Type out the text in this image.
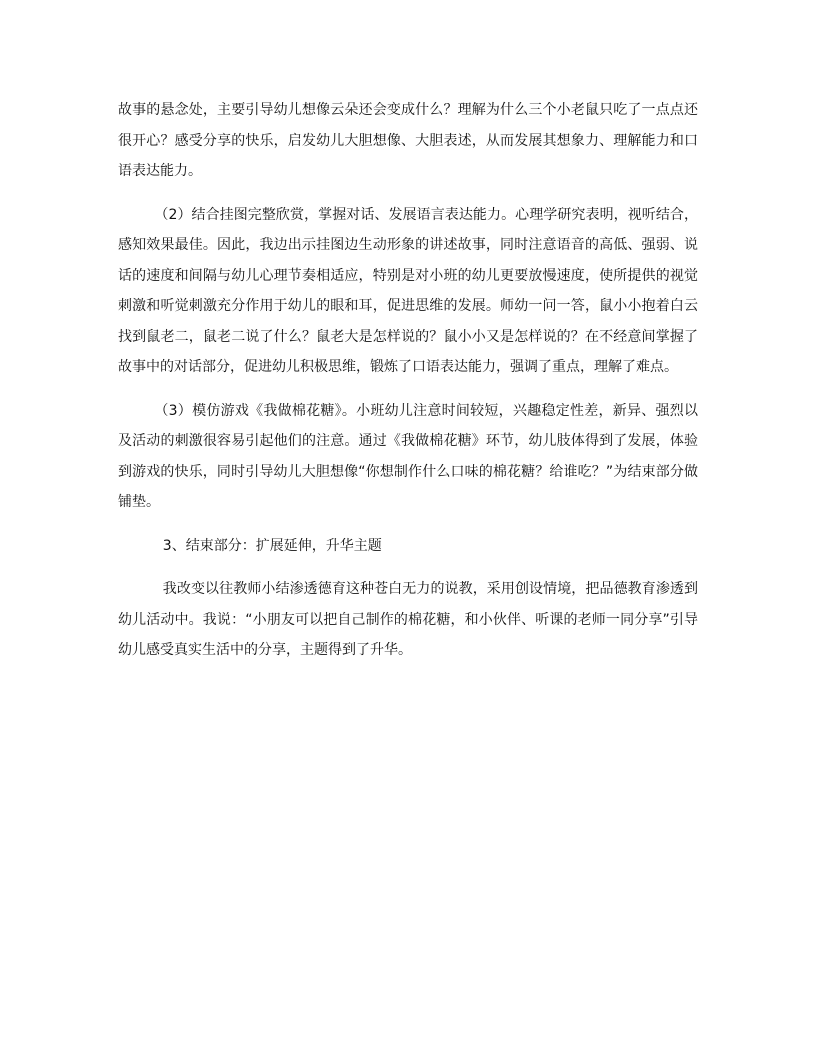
故事的悬念处，主要引导幼儿想像云朵还会变成什么？理解为什么三个小老鼠只吃了一点点还很开心？感受分享的快乐，启发幼儿大胆想像、大胆表述，从而发展其想象力、理解能力和口语表达能力。

（2）结合挂图完整欣赏，掌握对话、发展语言表达能力。心理学研究表明，视听结合，感知效果最佳。因此，我边出示挂图边生动形象的讲述故事，同时注意语音的高低、强弱、说话的速度和间隔与幼儿心理节奏相适应，特别是对小班的幼儿更要放慢速度，使所提供的视觉刺激和听觉刺激充分作用于幼儿的眼和耳，促进思维的发展。师幼一问一答，鼠小小抱着白云找到鼠老二，鼠老二说了什么？鼠老大是怎样说的？鼠小小又是怎样说的？在不经意间掌握了故事中的对话部分，促进幼儿积极思维，锻炼了口语表达能力，强调了重点，理解了难点。

（3）模仿游戏《我做棉花糖》。小班幼儿注意时间较短，兴趣稳定性差，新异、强烈以及活动的刺激很容易引起他们的注意。通过《我做棉花糖》环节，幼儿肢体得到了发展，体验到游戏的快乐，同时引导幼儿大胆想像“你想制作什么口味的棉花糖？给谁吃？”为结束部分做铺垫。

3、结束部分：扩展延伸，升华主题

我改变以往教师小结渗透德育这种苍白无力的说教，采用创设情境，把品德教育渗透到幼儿活动中。我说：“小朋友可以把自己制作的棉花糖，和小伙伴、听课的老师一同分享”引导幼儿感受真实生活中的分享，主题得到了升华。
